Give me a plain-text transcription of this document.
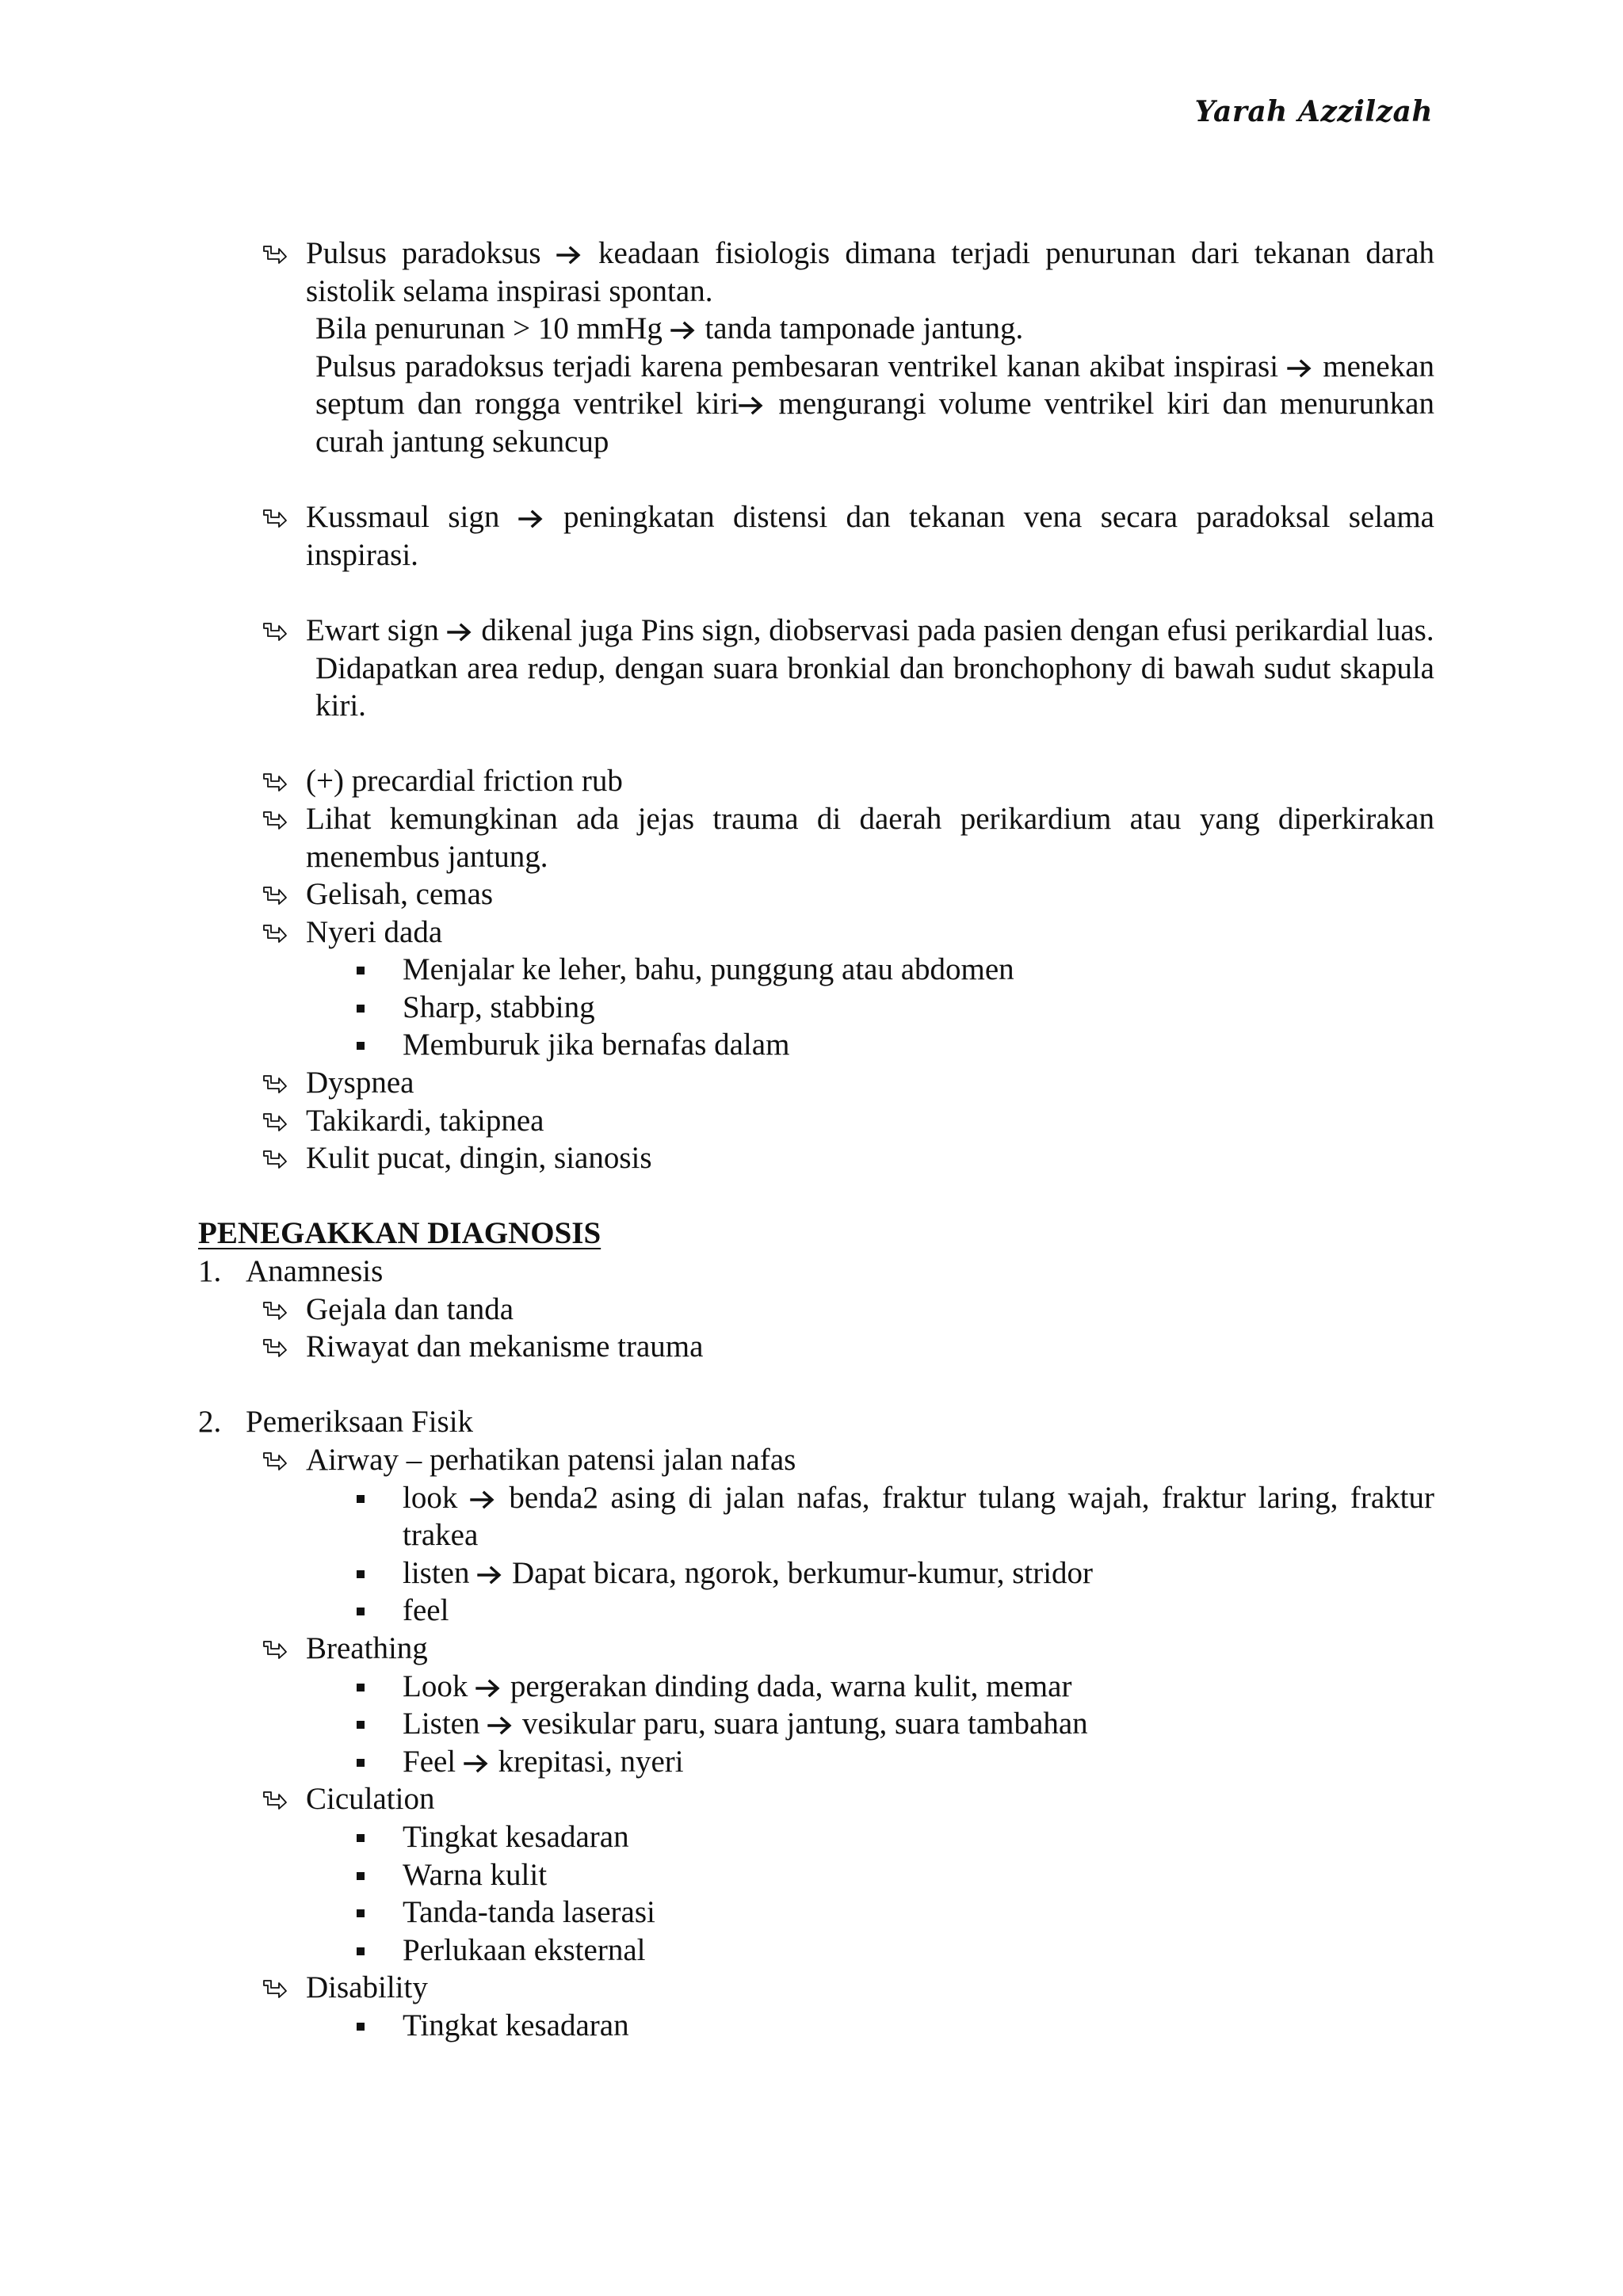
Yarah Azzilzah
Pulsus paradoksus  keadaan fisiologis dimana terjadi penurunan dari tekanan darah sistolik selama inspirasi spontan.
Bila penurunan > 10 mmHg  tanda tamponade jantung.
Pulsus paradoksus terjadi karena pembesaran ventrikel kanan akibat inspirasi  menekan septum dan rongga ventrikel kiri mengurangi volume ventrikel kiri dan menurunkan curah jantung sekuncup
Kussmaul sign  peningkatan distensi dan tekanan vena secara paradoksal selama inspirasi.
Ewart sign  dikenal juga Pins sign, diobservasi pada pasien dengan efusi perikardial luas.
Didapatkan area redup, dengan suara bronkial dan bronchophony di bawah sudut skapula kiri.
(+) precardial friction rub
Lihat kemungkinan ada jejas trauma di daerah perikardium atau yang diperkirakan menembus jantung.
Gelisah, cemas
Nyeri dada
Menjalar ke leher, bahu, punggung atau abdomen
Sharp, stabbing
Memburuk jika bernafas dalam
Dyspnea
Takikardi, takipnea
Kulit pucat, dingin, sianosis
PENEGAKKAN DIAGNOSIS
1. Anamnesis
Gejala dan tanda
Riwayat dan mekanisme trauma
2. Pemeriksaan Fisik
Airway – perhatikan patensi jalan nafas
look  benda2 asing di jalan nafas, fraktur tulang wajah, fraktur laring, fraktur trakea
listen  Dapat bicara, ngorok, berkumur-kumur, stridor
feel
Breathing
Look  pergerakan dinding dada, warna kulit, memar
Listen  vesikular paru, suara jantung, suara tambahan
Feel  krepitasi, nyeri
Ciculation
Tingkat kesadaran
Warna kulit
Tanda-tanda laserasi
Perlukaan eksternal
Disability
Tingkat kesadaran
